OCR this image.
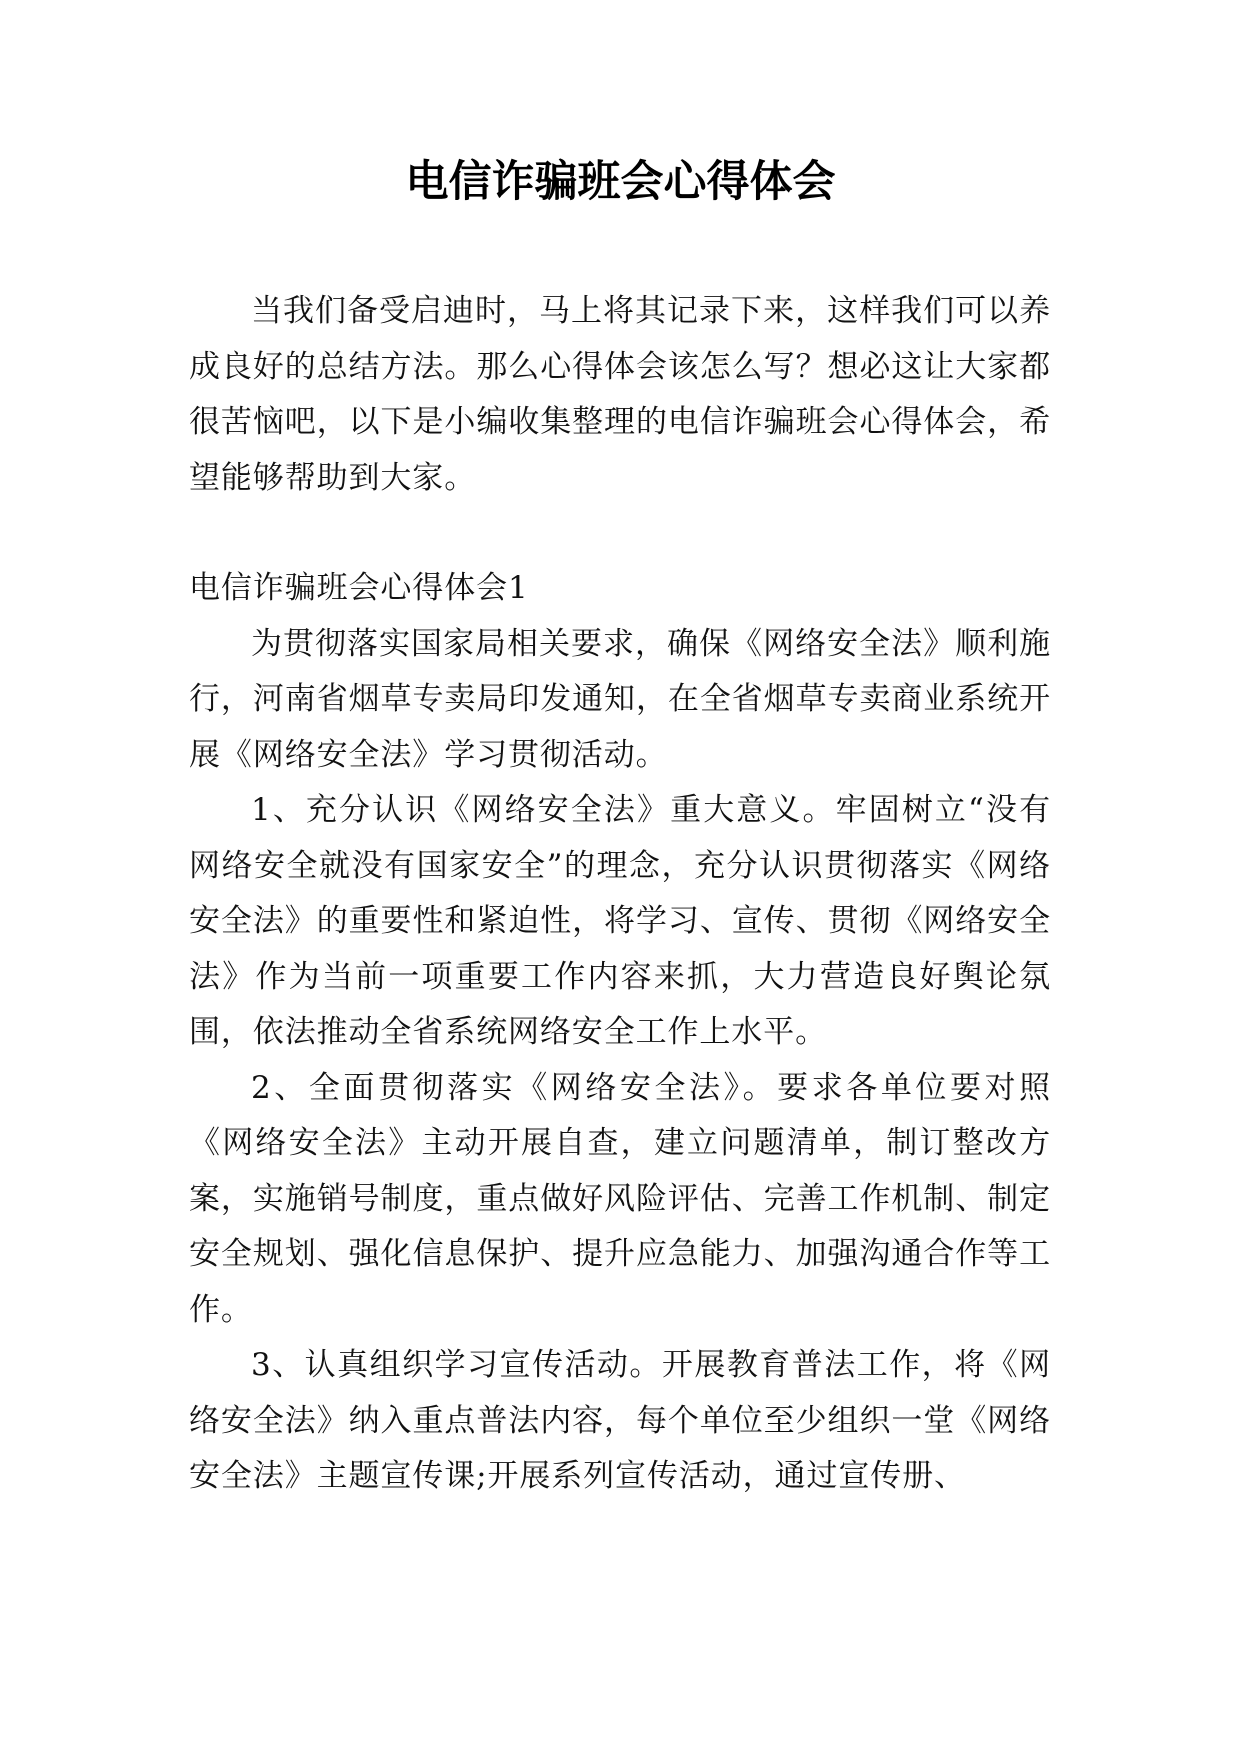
电信诈骗班会心得体会

当我们备受启迪时，马上将其记录下来，这样我们可以养成良好的总结方法。那么心得体会该怎么写？想必这让大家都很苦恼吧，以下是小编收集整理的电信诈骗班会心得体会，希望能够帮助到大家。

电信诈骗班会心得体会1

为贯彻落实国家局相关要求，确保《网络安全法》顺利施行，河南省烟草专卖局印发通知，在全省烟草专卖商业系统开展《网络安全法》学习贯彻活动。

1、充分认识《网络安全法》重大意义。牢固树立“没有网络安全就没有国家安全”的理念，充分认识贯彻落实《网络安全法》的重要性和紧迫性，将学习、宣传、贯彻《网络安全法》作为当前一项重要工作内容来抓，大力营造良好舆论氛围，依法推动全省系统网络安全工作上水平。

2、全面贯彻落实《网络安全法》。要求各单位要对照《网络安全法》主动开展自查，建立问题清单，制订整改方案，实施销号制度，重点做好风险评估、完善工作机制、制定安全规划、强化信息保护、提升应急能力、加强沟通合作等工作。

3、认真组织学习宣传活动。开展教育普法工作，将《网络安全法》纳入重点普法内容，每个单位至少组织一堂《网络安全法》主题宣传课;开展系列宣传活动，通过宣传册、
